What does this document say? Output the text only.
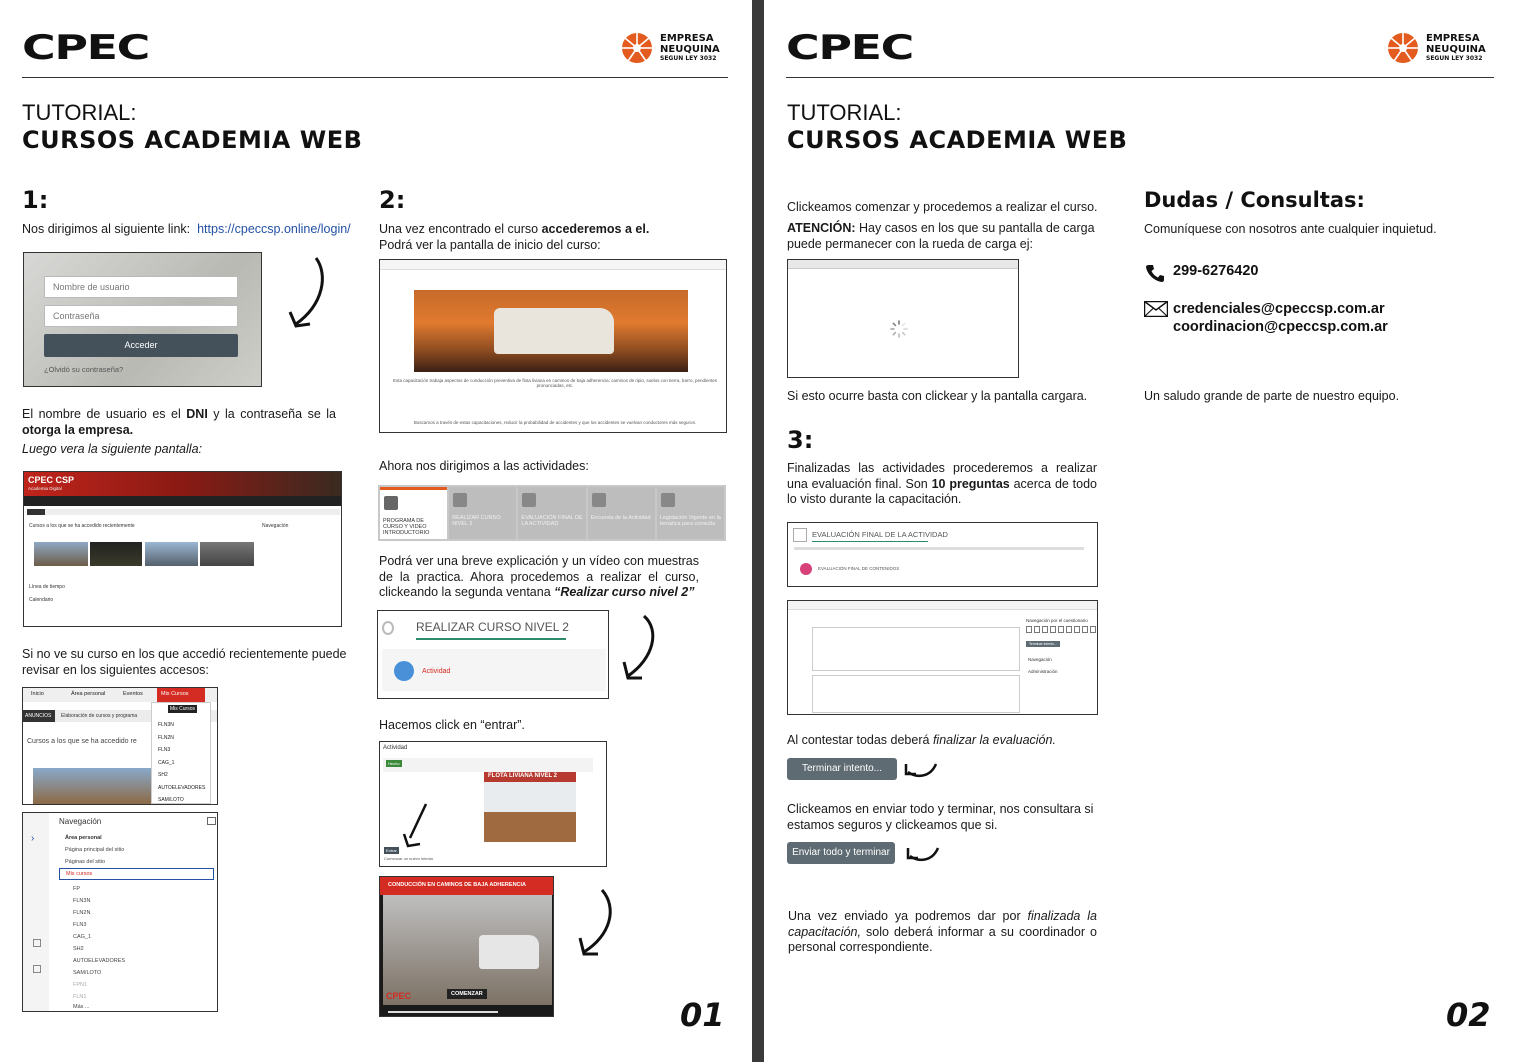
CPEC	EMPRESA
NEUQUINA
SEGUN LEY 3032
TUTORIAL:
CURSOS ACADEMIA WEB
1:
Nos dirigimos al siguiente link: https://cpeccsp.online/login/
Nombre de usuario
Contraseña
Acceder
¿Olvidó su contraseña?
El nombre de usuario es el DNI y la contraseña se la otorga la empresa.
Luego vera la siguiente pantalla:
CPEC CSP
Academia Digital
Cursos a los que se ha accedido recientemente	Navegación
Línea de tiempo
Calendario
Si no ve su curso en los que accedió recientemente puede revisar en los siguientes accesos:
Inicio	Área personal	Eventos	Mis Cursos
ANUNCIOS	Elaboración de cursos y programa
Cursos a los que se ha accedido re
Mis Cursos
FLN3N
FLN2N
FLN3
CAG_1
SH2
AUTOELEVADORES
SAM/LOTO
›
Navegación
Área personal
Página principal del sitio
Páginas del sitio
Mis cursos
FP
FLN3N
FLN2N
FLN3
CAG_1
SH2
AUTOELEVADORES
SAM/LOTO
FPN1
FLN1
Más ...
2:
Una vez encontrado el curso accederemos a el.
Podrá ver la pantalla de inicio del curso:
Esta capacitación trabaja aspectos de conducción preventiva de flota liviana en caminos de baja adherencia: caminos de ripio, suelos con tierra, barro, pendientes pronunciadas, etc.
Buscamos a través de estas capacitaciones, reducir la probabilidad de accidentes y que los accidentes se vuelvan conductores más seguros.
Ahora nos dirigimos a las actividades:
PROGRAMA DE CURSO Y VIDEO INTRODUCTORIO
REALIZAR CURSO NIVEL 2
EVALUACIÓN FINAL DE LA ACTIVIDAD
Encuesta de la Actividad	Legislación Vigente en la temática para consulta
Podrá ver una breve explicación y un vídeo con muestras de la practica. Ahora procedemos a realizar el curso, clickeando la segunda ventana “Realizar curso nivel 2”
REALIZAR CURSO NIVEL 2
Actividad
Hacemos click en “entrar”.
Actividad
Hecho
FLOTA LIVIANA NIVEL 2
Entrar
Comenzar un nuevo intento
CONDUCCIÓN EN CAMINOS DE BAJA ADHERENCIA
COMENZAR
CPEC	01
CPEC	EMPRESA
NEUQUINA
SEGUN LEY 3032
TUTORIAL:
CURSOS ACADEMIA WEB
Clickeamos comenzar y procedemos a realizar el curso.
ATENCIÓN: Hay casos en los que su pantalla de carga puede permanecer con la rueda de carga ej:
Si esto ocurre basta con clickear y la pantalla cargara.
3:
Finalizadas las actividades procederemos a realizar una evaluación final. Son 10 preguntas acerca de todo lo visto durante la capacitación.
EVALUACIÓN FINAL DE LA ACTIVIDAD
EVALUACIÓN FINAL DE CONTENIDOS
Navegación por el cuestionario
Terminar intento...
Navegación
Administración
Al contestar todas deberá finalizar la evaluación.
Terminar intento...
Clickeamos en enviar todo y terminar, nos consultara si estamos seguros y clickeamos que si.
Enviar todo y terminar
Una vez enviado ya podremos dar por finalizada la capacitación, solo deberá informar a su coordinador o personal correspondiente.
Dudas / Consultas:
Comuníquese con nosotros ante cualquier inquietud.
299-6276420
credenciales@cpeccsp.com.ar
coordinacion@cpeccsp.com.ar
Un saludo grande de parte de nuestro equipo.
02
